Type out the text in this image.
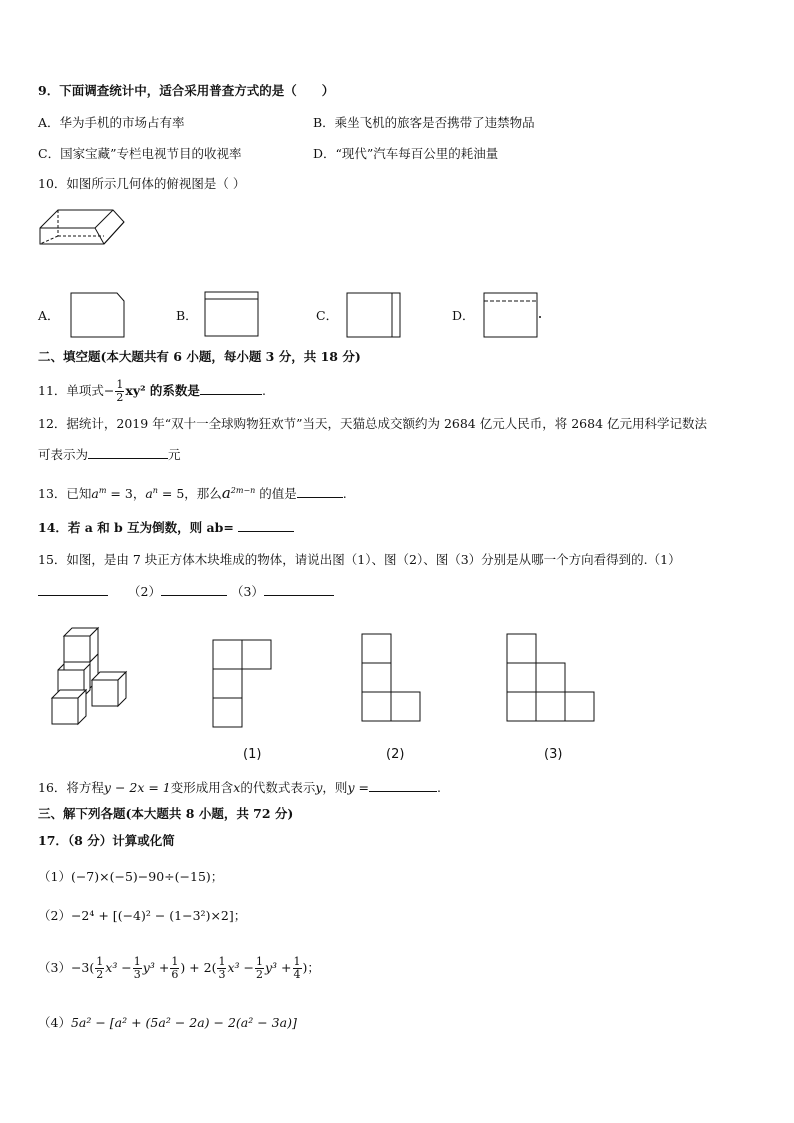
9．下面调查统计中，适合采用普查方式的是（　　）
A．华为手机的市场占有率	B．乘坐飞机的旅客是否携带了违禁物品
C．国家宝藏”专栏电视节目的收视率	D．“现代”汽车每百公里的耗油量
10．如图所示几何体的俯视图是（ ）
A．	B．	C．	D．
二、填空题(本大题共有 6 小题，每小题 3 分，共 18 分)
11．单项式− $\frac{1}{2} xy^2$ 的系数是	.
12．据统计，2019 年“双十一全球购物狂欢节”当天，天猫总成交额约为 2684 亿元人民币，将 2684 亿元用科学记数法
可表示为	元
13．已知$a^m = 3$，$a^n = 5$，那么$a^{2m-n}$ 的值是	.
14．若 a 和 b 互为倒数，则 ab=
15．如图，是由 7 块正方体木块堆成的物体，请说出图（1）、图（2）、图（3）分别是从哪一个方向看得到的.（1）
（2）	（3）
(1)	(2)	(3)
16．将方程y − 2x = 1变形成用含x的代数式表示y，则y =	.
三、解下列各题(本大题共 8 小题，共 72 分)
17．（8 分）计算或化简
（1）(−7)×(−5)−90÷(−15)；
（2）−2⁴ + [(−4)² − (1−3²)×2]；
$(3)-3( \frac{1}{2} x^3 - \frac{1}{3} y^3 + \frac{1}{6}$ ) + $2( \frac{1}{3} x^3 - \frac{1}{2} y^3 + \frac{1}{4}$ )；
（4）5a² − [a² + (5a² − 2a) − 2(a² − 3a)]
